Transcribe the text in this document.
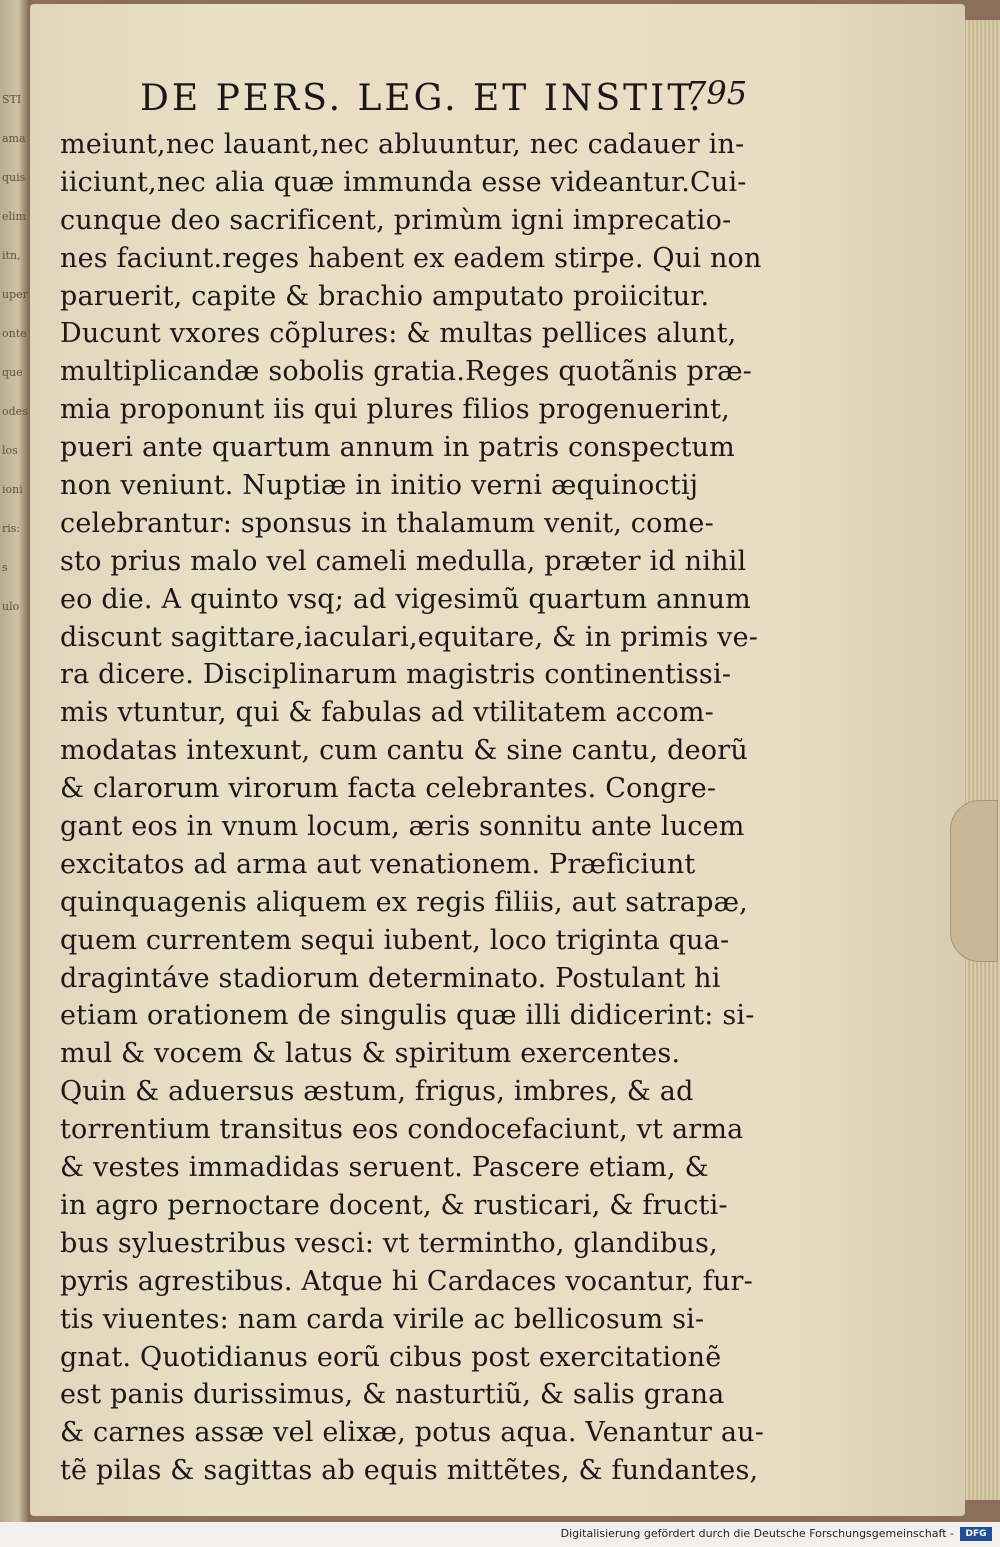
STI
ama
quis
elim
itn,
uper
onte
que
odes
los
ioni
ris:
s
ulo
DE PERS. LEG. ET INSTIT.
795
meiunt,nec lauant,nec abluuntur, nec cadauer in-
iiciunt,nec alia quæ immunda esse videantur.Cui-
cunque deo sacrificent, primùm igni imprecatio-
nes faciunt.reges habent ex eadem stirpe. Qui non
paruerit, capite & brachio amputato proiicitur.
Ducunt vxores cõplures: & multas pellices alunt,
multiplicandæ sobolis gratia.Reges quotãnis præ-
mia proponunt iis qui plures filios progenuerint,
pueri ante quartum annum in patris conspectum
non veniunt. Nuptiæ in initio verni æquinoctij
celebrantur: sponsus in thalamum venit, come-
sto prius malo vel cameli medulla, præter id nihil
eo die. A quinto vsq; ad vigesimũ quartum annum
discunt sagittare,iaculari,equitare, & in primis ve-
ra dicere. Disciplinarum magistris continentissi-
mis vtuntur, qui & fabulas ad vtilitatem accom-
modatas intexunt, cum cantu & sine cantu, deorũ
& clarorum virorum facta celebrantes. Congre-
gant eos in vnum locum, æris sonnitu ante lucem
excitatos ad arma aut venationem. Præficiunt
quinquagenis aliquem ex regis filiis, aut satrapæ,
quem currentem sequi iubent, loco triginta qua-
dragintáve stadiorum determinato. Postulant hi
etiam orationem de singulis quæ illi didicerint: si-
mul & vocem & latus & spiritum exercentes.
Quin & aduersus æstum, frigus, imbres, & ad
torrentium transitus eos condocefaciunt, vt arma
& vestes immadidas seruent. Pascere etiam, &
in agro pernoctare docent, & rusticari, & fructi-
bus syluestribus vesci: vt terminthо, glandibus,
pyris agrestibus. Atque hi Cardaces vocantur, fur-
tis viuentes: nam carda virile ac bellicosum si-
gnat. Quotidianus eorũ cibus post exercitationẽ
est panis durissimus, & nasturtiũ, & salis grana
& carnes assæ vel elixæ, potus aqua. Venantur au-
tẽ pilas & sagittas ab equis mittẽtes, & fundantes,
Digitalisierung gefördert durch die Deutsche Forschungsgemeinschaft -	DFG
